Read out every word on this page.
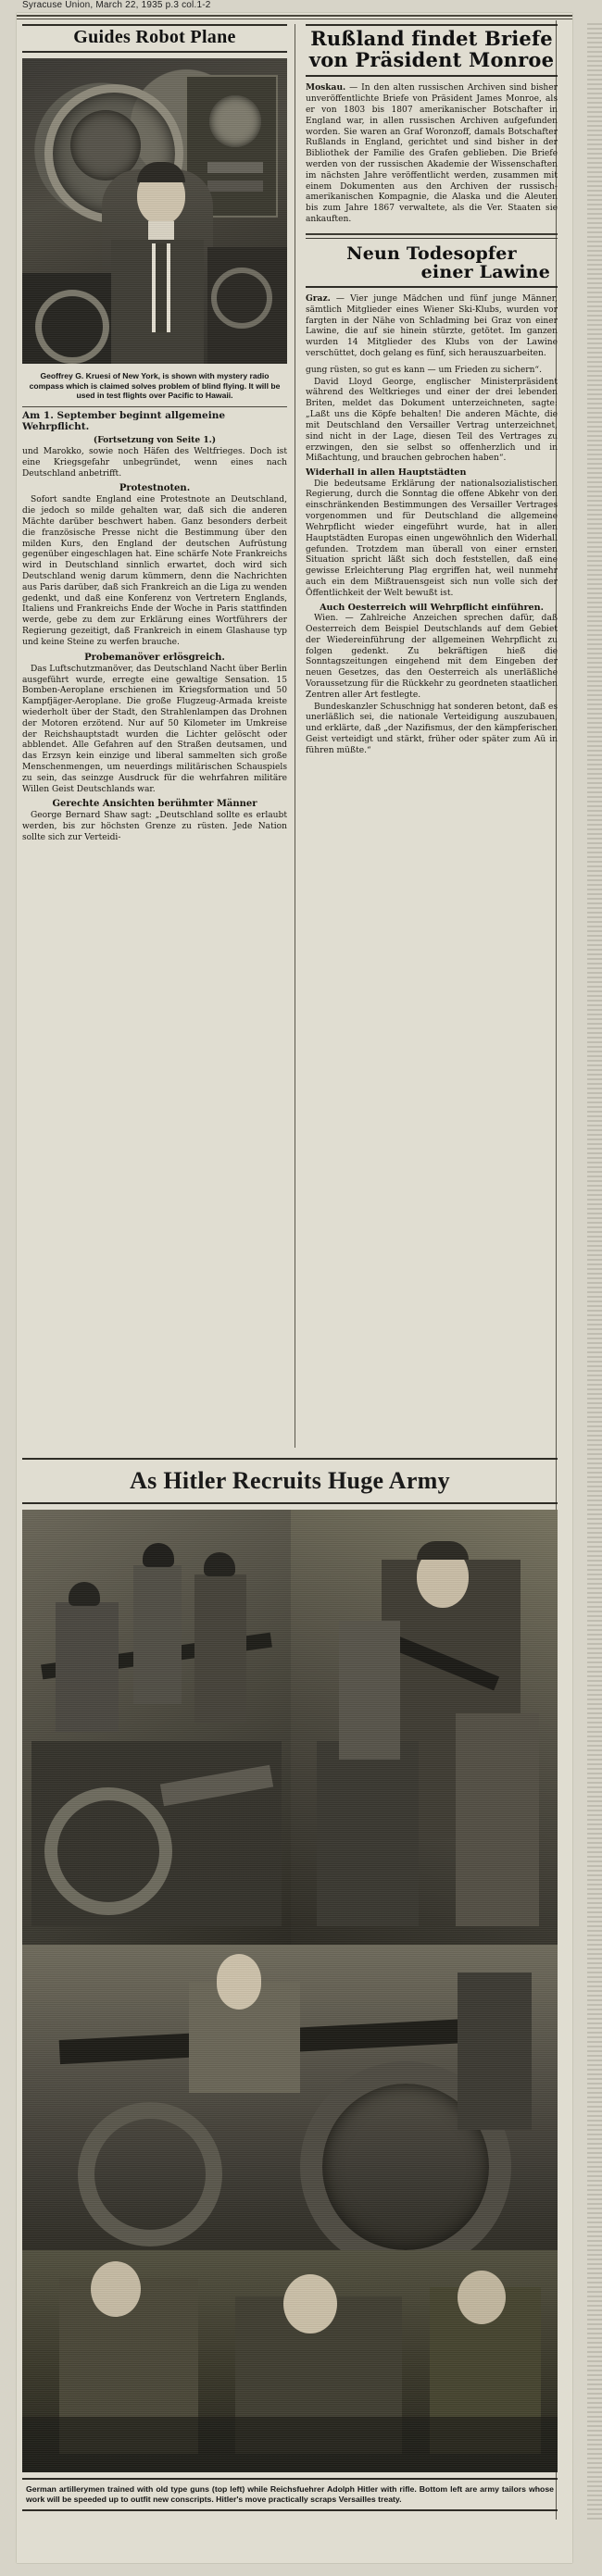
Syracuse Union, March 22, 1935 p.3 col.1-2
Guides Robot Plane
Geoffrey G. Kruesi of New York, is shown with mystery radio compass which is claimed solves problem of blind flying. It will be used in test flights over Pacific to Hawaii.
Am 1. September beginnt allgemeine Wehrpflicht.

(Fortsetzung von Seite 1.)

und Marokko, sowie noch Häfen des Weltfrieges. Doch ist eine Kriegsgefahr unbegründet, wenn eines nach Deutschland anbetrifft.

Protestnoten.

Sofort sandte England eine Protestnote an Deutschland, die jedoch so milde gehalten war, daß sich die anderen Mächte darüber beschwert haben. Ganz besonders derbeit die französische Presse nicht die Bestimmung über den milden Kurs, den England der deutschen Aufrüstung gegenüber eingeschlagen hat. Eine schärfe Note Frankreichs wird in Deutschland sinnlich erwartet, doch wird sich Deutschland wenig darum kümmern, denn die Nachrichten aus Paris darüber, daß sich Frankreich an die Liga zu wenden gedenkt, und daß eine Konferenz von Vertretern Englands, Italiens und Frankreichs Ende der Woche in Paris stattfinden werde, gebe zu dem zur Erklärung eines Wortführers der Regierung gezeitigt, daß Frankreich in einem Glashause typ und keine Steine zu werfen brauche.

Probemanöver erlösgreich.

Das Luftschutzmanöver, das Deutschland Nacht über Berlin ausgeführt wurde, erregte eine gewaltige Sensation. 15 Bomben-Aeroplane erschienen im Kriegsformation und 50 Kampfjäger-Aeroplane. Die große Flugzeug-Armada kreiste wiederholt über der Stadt, den Strahlenlampen das Drohnen der Motoren erzötend. Nur auf 50 Kilometer im Umkreise der Reichshauptstadt wurden die Lichter gelöscht oder abblendet. Alle Gefahren auf den Straßen deutsamen, und das Erzsyn kein einzige und liberal sammelten sich große Menschenmengen, um neuerdings militärischen Schauspiels zu sein, das seinzge Ausdruck für die wehrfahren militäre Willen Geist Deutschlands war.

Gerechte Ansichten berühmter Männer

George Bernard Shaw sagt: „Deutschland sollte es erlaubt werden, bis zur höchsten Grenze zu rüsten. Jede Nation sollte sich zur Verteidi-

Rußland findet Briefe
von Präsident Monroe

Moskau. — In den alten russischen Archiven sind bisher unveröffentlichte Briefe von Präsident James Monroe, als er von 1803 bis 1807 amerikanischer Botschafter in England war, in allen russischen Archiven aufgefunden worden. Sie waren an Graf Woronzoff, damals Botschafter Rußlands in England, gerichtet und sind bisher in der Bibliothek der Familie des Grafen geblieben. Die Briefe werden von der russischen Akademie der Wissenschaften im nächsten Jahre veröffentlicht werden, zusammen mit einem Dokumenten aus den Archiven der russisch-amerikanischen Kompagnie, die Alaska und die Aleuten bis zum Jahre 1867 verwaltete, als die Ver. Staaten sie ankauften.

Neun Todesopfer
einer Lawine

Graz. — Vier junge Mädchen und fünf junge Männer, sämtlich Mitglieder eines Wiener Ski-Klubs, wurden vor fargten in der Nähe von Schladming bei Graz von einer Lawine, die auf sie hinein stürzte, getötet. Im ganzen wurden 14 Mitglieder des Klubs von der Lawine verschüttet, doch gelang es fünf, sich herauszuarbeiten.

gung rüsten, so gut es kann — um Frieden zu sichern“.

David Lloyd George, englischer Ministerpräsident während des Weltkrieges und einer der drei lebenden Briten, meldet das Dokument unterzeichneten, sagte: „Laßt uns die Köpfe behalten! Die anderen Mächte, die mit Deutschland den Versailler Vertrag unterzeichnet, sind nicht in der Lage, diesen Teil des Vertrages zu erzwingen, den sie selbst so offenherzlich und in Mißachtung, und brauchen gebrochen haben“.

Widerhall in allen Hauptstädten

Die bedeutsame Erklärung der nationalsozialistischen Regierung, durch die Sonntag die offene Abkehr von den einschränkenden Bestimmungen des Versailler Vertrages vorgenommen und für Deutschland die allgemeine Wehrpflicht wieder eingeführt wurde, hat in allen Hauptstädten Europas einen ungewöhnlich den Widerhall gefunden. Trotzdem man überall von einer ernsten Situation spricht läßt sich doch feststellen, daß eine gewisse Erleichterung Plag ergriffen hat, weil nunmehr auch ein dem Mißtrauensgeist sich nun volle sich der Öffentlichkeit der Welt bewußt ist.

Auch Oesterreich will Wehrpflicht einführen.

Wien. — Zahlreiche Anzeichen sprechen dafür, daß Oesterreich dem Beispiel Deutschlands auf dem Gebiet der Wiedereinführung der allgemeinen Wehrpflicht zu folgen gedenkt. Zu bekräftigen hieß die Sonntagszeitungen eingehend mit dem Eingeben der neuen Gesetzes, das den Oesterreich als unerläßliche Voraussetzung für die Rückkehr zu geordneten staatlichen Zentren aller Art festlegte.

Bundeskanzler Schuschnigg hat sonderen betont, daß es unerläßlich sei, die nationale Verteidigung auszubauen, und erklärte, daß „der Nazifismus, der den kämpferischen Geist verteidigt und stärkt, früher oder später zum Aü in führen müßte.“

As Hitler Recruits Huge Army
German artillerymen trained with old type guns (top left) while Reichsfuehrer Adolph Hitler with rifle. Bottom left are army tailors whose work will be speeded up to outfit new conscripts. Hitler's move practically scraps Versailles treaty.
